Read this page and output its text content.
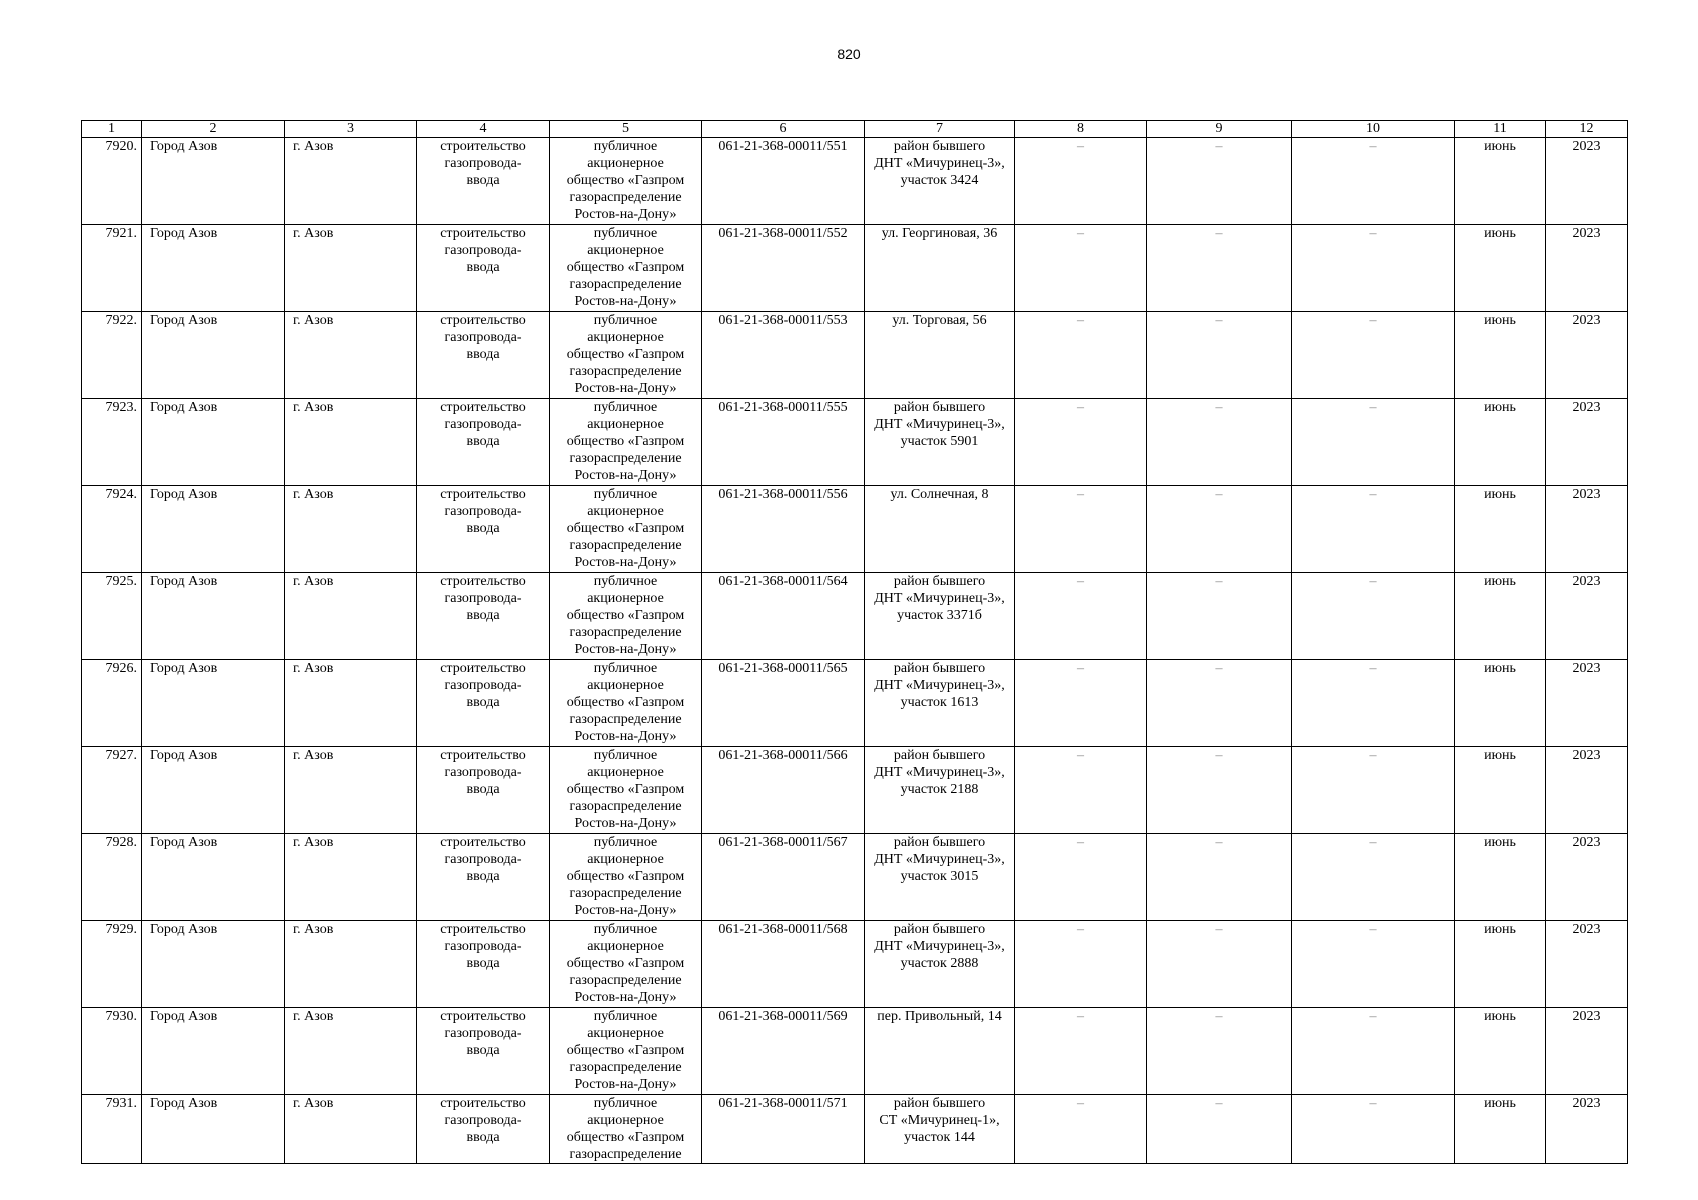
820
1	2	3	4	5	6	7	8	9	10	11	12
7920.	Город Азов	г. Азов	строительство
газопровода-
ввода	публичное
акционерное
общество «Газпром
газораспределение
Ростов-на-Дону»	061-21-368-00011/551	район бывшего
ДНТ «Мичуринец-3»,
участок 3424	–	–	–	июнь	2023
7921.	Город Азов	г. Азов	строительство
газопровода-
ввода	публичное
акционерное
общество «Газпром
газораспределение
Ростов-на-Дону»	061-21-368-00011/552	ул. Георгиновая, 36	–	–	–	июнь	2023
7922.	Город Азов	г. Азов	строительство
газопровода-
ввода	публичное
акционерное
общество «Газпром
газораспределение
Ростов-на-Дону»	061-21-368-00011/553	ул. Торговая, 56	–	–	–	июнь	2023
7923.	Город Азов	г. Азов	строительство
газопровода-
ввода	публичное
акционерное
общество «Газпром
газораспределение
Ростов-на-Дону»	061-21-368-00011/555	район бывшего
ДНТ «Мичуринец-3»,
участок 5901	–	–	–	июнь	2023
7924.	Город Азов	г. Азов	строительство
газопровода-
ввода	публичное
акционерное
общество «Газпром
газораспределение
Ростов-на-Дону»	061-21-368-00011/556	ул. Солнечная, 8	–	–	–	июнь	2023
7925.	Город Азов	г. Азов	строительство
газопровода-
ввода	публичное
акционерное
общество «Газпром
газораспределение
Ростов-на-Дону»	061-21-368-00011/564	район бывшего
ДНТ «Мичуринец-3»,
участок 3371б	–	–	–	июнь	2023
7926.	Город Азов	г. Азов	строительство
газопровода-
ввода	публичное
акционерное
общество «Газпром
газораспределение
Ростов-на-Дону»	061-21-368-00011/565	район бывшего
ДНТ «Мичуринец-3»,
участок 1613	–	–	–	июнь	2023
7927.	Город Азов	г. Азов	строительство
газопровода-
ввода	публичное
акционерное
общество «Газпром
газораспределение
Ростов-на-Дону»	061-21-368-00011/566	район бывшего
ДНТ «Мичуринец-3»,
участок 2188	–	–	–	июнь	2023
7928.	Город Азов	г. Азов	строительство
газопровода-
ввода	публичное
акционерное
общество «Газпром
газораспределение
Ростов-на-Дону»	061-21-368-00011/567	район бывшего
ДНТ «Мичуринец-3»,
участок 3015	–	–	–	июнь	2023
7929.	Город Азов	г. Азов	строительство
газопровода-
ввода	публичное
акционерное
общество «Газпром
газораспределение
Ростов-на-Дону»	061-21-368-00011/568	район бывшего
ДНТ «Мичуринец-3»,
участок 2888	–	–	–	июнь	2023
7930.	Город Азов	г. Азов	строительство
газопровода-
ввода	публичное
акционерное
общество «Газпром
газораспределение
Ростов-на-Дону»	061-21-368-00011/569	пер. Привольный, 14	–	–	–	июнь	2023
7931.	Город Азов	г. Азов	строительство
газопровода-
ввода	публичное
акционерное
общество «Газпром
газораспределение	061-21-368-00011/571	район бывшего
СТ «Мичуринец-1»,
участок 144	–	–	–	июнь	2023
